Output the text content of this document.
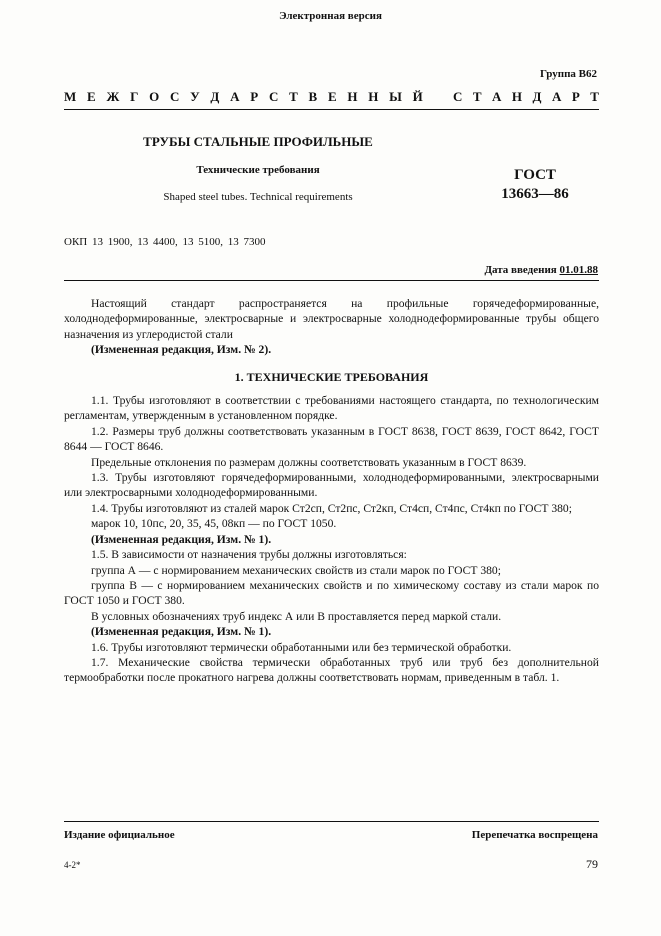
Электронная версия
Группа В62
М Е Ж Г О С У Д А Р С Т В Е Н Н Ы Й С Т А Н Д А Р Т
ТРУБЫ СТАЛЬНЫЕ ПРОФИЛЬНЫЕ
Технические требования
Shaped steel tubes. Technical requirements
ГОСТ
13663—86
ОКП 13 1900, 13 4400, 13 5100, 13 7300
Дата введения 01.01.88

Настоящий стандарт распространяется на профильные горячедеформированные, холоднодеформированные, электросварные и электросварные холоднодеформированные трубы общего назначения из углеродистой стали

(Измененная редакция, Изм. № 2).

1. ТЕХНИЧЕСКИЕ ТРЕБОВАНИЯ

1.1. Трубы изготовляют в соответствии с требованиями настоящего стандарта, по технологическим регламентам, утвержденным в установленном порядке.

1.2. Размеры труб должны соответствовать указанным в ГОСТ 8638, ГОСТ 8639, ГОСТ 8642, ГОСТ 8644 — ГОСТ 8646.

Предельные отклонения по размерам должны соответствовать указанным в ГОСТ 8639.

1.3. Трубы изготовляют горячедеформированными, холоднодеформированными, электросварными или электросварными холоднодеформированными.

1.4. Трубы изготовляют из сталей марок Ст2сп, Ст2пс, Ст2кп, Ст4сп, Ст4пс, Ст4кп по ГОСТ 380;

марок 10, 10пс, 20, 35, 45, 08кп — по ГОСТ 1050.

(Измененная редакция, Изм. № 1).

1.5. В зависимости от назначения трубы должны изготовляться:

группа А — с нормированием механических свойств из стали марок по ГОСТ 380;

группа В — с нормированием механических свойств и по химическому составу из стали марок по ГОСТ 1050 и ГОСТ 380.

В условных обозначениях труб индекс А или В проставляется перед маркой стали.

(Измененная редакция, Изм. № 1).

1.6. Трубы изготовляют термически обработанными или без термической обработки.

1.7. Механические свойства термически обработанных труб или труб без дополнительной термообработки после прокатного нагрева должны соответствовать нормам, приведенным в табл. 1.

Издание официальное	Перепечатка воспрещена
4-2*	79
